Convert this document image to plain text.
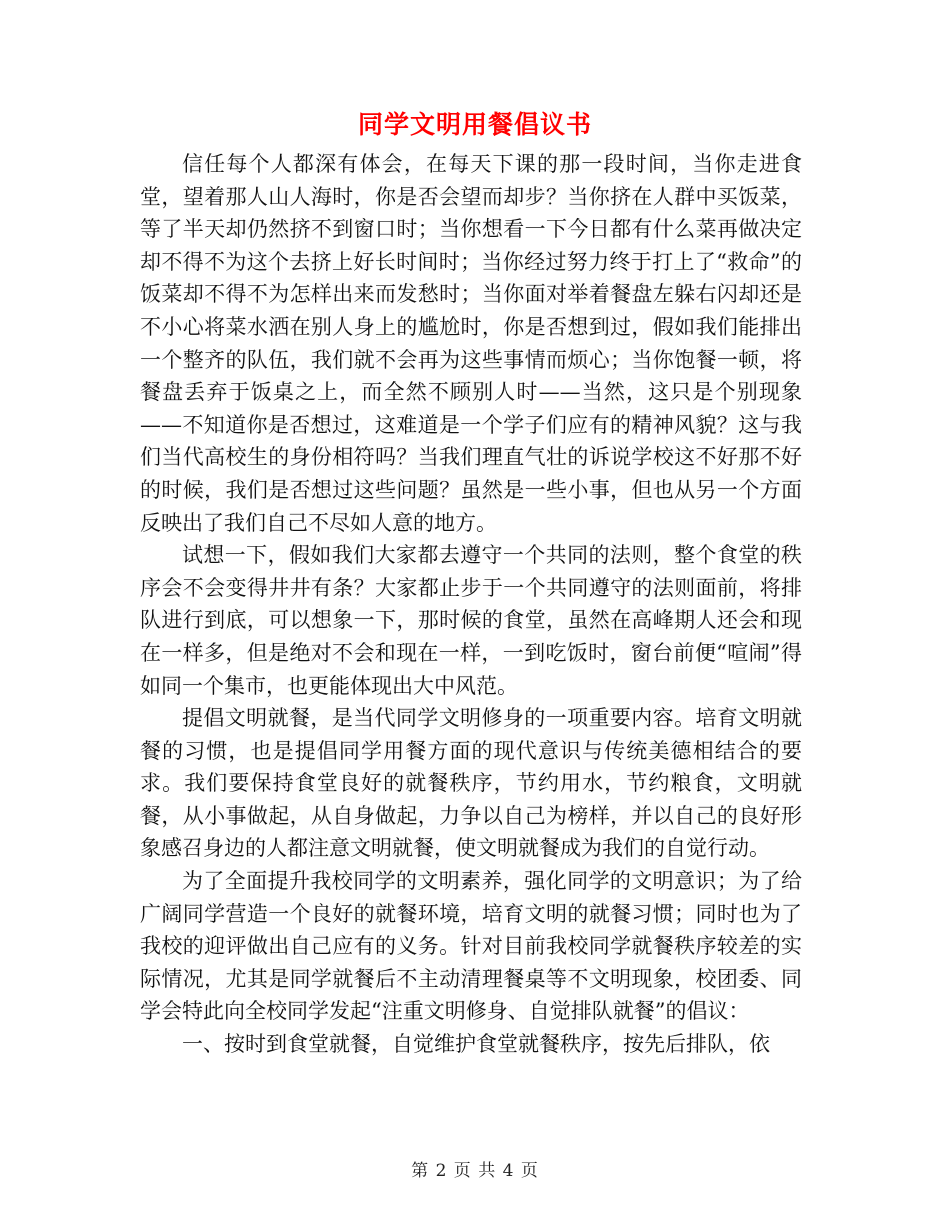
同学文明用餐倡议书

信任每个人都深有体会，在每天下课的那一段时间，当你走进食堂，望着那人山人海时，你是否会望而却步？当你挤在人群中买饭菜，等了半天却仍然挤不到窗口时；当你想看一下今日都有什么菜再做决定却不得不为这个去挤上好长时间时；当你经过努力终于打上了“救命”的饭菜却不得不为怎样出来而发愁时；当你面对举着餐盘左躲右闪却还是不小心将菜水洒在别人身上的尴尬时，你是否想到过，假如我们能排出一个整齐的队伍，我们就不会再为这些事情而烦心；当你饱餐一顿，将餐盘丢弃于饭桌之上，而全然不顾别人时——当然，这只是个别现象——不知道你是否想过，这难道是一个学子们应有的精神风貌？这与我们当代高校生的身份相符吗？当我们理直气壮的诉说学校这不好那不好的时候，我们是否想过这些问题？虽然是一些小事，但也从另一个方面反映出了我们自己不尽如人意的地方。

试想一下，假如我们大家都去遵守一个共同的法则，整个食堂的秩序会不会变得井井有条？大家都止步于一个共同遵守的法则面前，将排队进行到底，可以想象一下，那时候的食堂，虽然在高峰期人还会和现在一样多，但是绝对不会和现在一样，一到吃饭时，窗台前便“喧闹”得如同一个集市，也更能体现出大中风范。

提倡文明就餐，是当代同学文明修身的一项重要内容。培育文明就餐的习惯，也是提倡同学用餐方面的现代意识与传统美德相结合的要求。我们要保持食堂良好的就餐秩序，节约用水，节约粮食，文明就餐，从小事做起，从自身做起，力争以自己为榜样，并以自己的良好形象感召身边的人都注意文明就餐，使文明就餐成为我们的自觉行动。

为了全面提升我校同学的文明素养，强化同学的文明意识；为了给广阔同学营造一个良好的就餐环境，培育文明的就餐习惯；同时也为了我校的迎评做出自己应有的义务。针对目前我校同学就餐秩序较差的实际情况，尤其是同学就餐后不主动清理餐桌等不文明现象，校团委、同学会特此向全校同学发起“注重文明修身、自觉排队就餐”的倡议：

一、按时到食堂就餐，自觉维护食堂就餐秩序，按先后排队，依

第 2 页 共 4 页
